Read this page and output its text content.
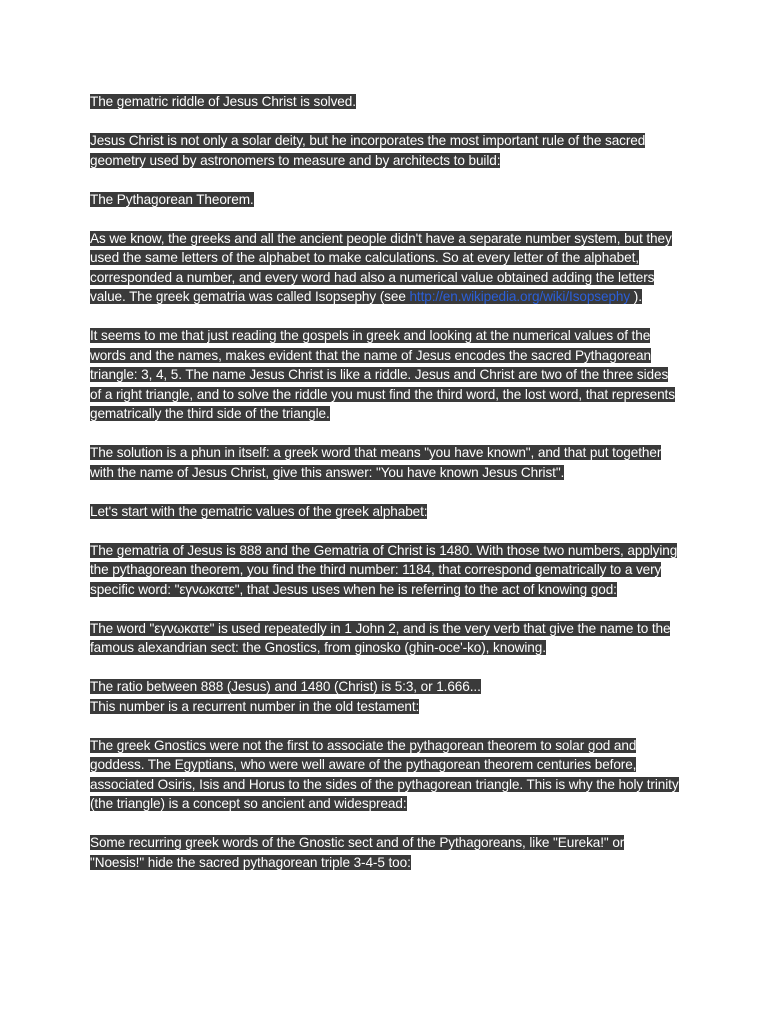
The gematric riddle of Jesus Christ is solved.

Jesus Christ is not only a solar deity, but he incorporates the most important rule of the sacred geometry used by astronomers to measure and by architects to build:

The Pythagorean Theorem.

As we know, the greeks and all the ancient people didn't have a separate number system, but they used the same letters of the alphabet to make calculations. So at every letter of the alphabet, corresponded a number, and every word had also a numerical value obtained adding the letters value. The greek gematria was called Isopsephy (see http://en.wikipedia.org/wiki/Isopsephy ).

It seems to me that just reading the gospels in greek and looking at the numerical values of the words and the names, makes evident that the name of Jesus encodes the sacred Pythagorean triangle: 3, 4, 5. The name Jesus Christ is like a riddle. Jesus and Christ are two of the three sides of a right triangle, and to solve the riddle you must find the third word, the lost word, that represents gematrically the third side of the triangle.

The solution is a phun in itself: a greek word that means "you have known", and that put together with the name of Jesus Christ, give this answer: "You have known Jesus Christ".

Let's start with the gematric values of the greek alphabet:

The gematria of Jesus is 888 and the Gematria of Christ is 1480. With those two numbers, applying the pythagorean theorem, you find the third number: 1184, that correspond gematrically to a very specific word: "εγνωκατε", that Jesus uses when he is referring to the act of knowing god:

The word "εγνωκατε" is used repeatedly in 1 John 2, and is the very verb that give the name to the famous alexandrian sect: the Gnostics, from ginosko (ghin-oce'-ko), knowing.

The ratio between 888 (Jesus) and 1480 (Christ) is 5:3, or 1.666...
This number is a recurrent number in the old testament:

The greek Gnostics were not the first to associate the pythagorean theorem to solar god and goddess. The Egyptians, who were well aware of the pythagorean theorem centuries before, associated Osiris, Isis and Horus to the sides of the pythagorean triangle. This is why the holy trinity (the triangle) is a concept so ancient and widespread:

Some recurring greek words of the Gnostic sect and of the Pythagoreans, like "Eureka!" or "Noesis!" hide the sacred pythagorean triple 3-4-5 too:
